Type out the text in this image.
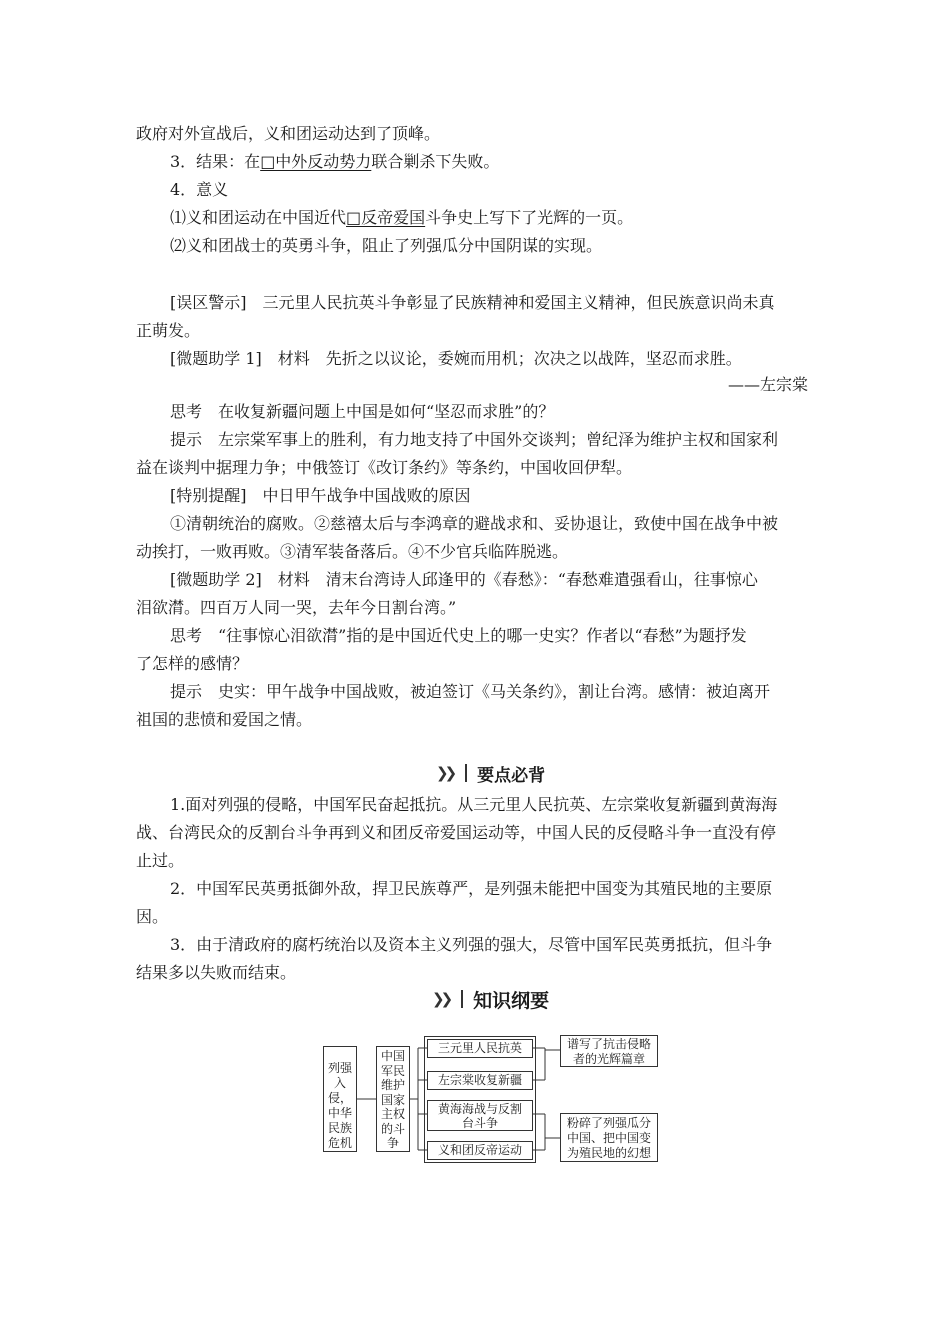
政府对外宣战后，义和团运动达到了顶峰。
3．结果：在□中外反动势力联合剿杀下失败。
4．意义
⑴义和团运动在中国近代□反帝爱国斗争史上写下了光辉的一页。
⑵义和团战士的英勇斗争，阻止了列强瓜分中国阴谋的实现。
[误区警示]　三元里人民抗英斗争彰显了民族精神和爱国主义精神，但民族意识尚未真
正萌发。
[微题助学 1]　材料　先折之以议论，委婉而用机；次决之以战阵，坚忍而求胜。
——左宗棠
思考　在收复新疆问题上中国是如何“坚忍而求胜”的？
提示　左宗棠军事上的胜利，有力地支持了中国外交谈判；曾纪泽为维护主权和国家利
益在谈判中据理力争；中俄签订《改订条约》等条约，中国收回伊犁。
[特别提醒]　中日甲午战争中国战败的原因
①清朝统治的腐败。②慈禧太后与李鸿章的避战求和、妥协退让，致使中国在战争中被
动挨打，一败再败。③清军装备落后。④不少官兵临阵脱逃。
[微题助学 2]　材料　清末台湾诗人邱逢甲的《春愁》：“春愁难遣强看山，往事惊心
泪欲潸。四百万人同一哭，去年今日割台湾。”
思考　“往事惊心泪欲潸”指的是中国近代史上的哪一史实？作者以“春愁”为题抒发
了怎样的感情？
提示　史实：甲午战争中国战败，被迫签订《马关条约》，割让台湾。感情：被迫离开
祖国的悲愤和爱国之情。
❯❯ 要点必背
1.面对列强的侵略，中国军民奋起抵抗。从三元里人民抗英、左宗棠收复新疆到黄海海
战、台湾民众的反割台斗争再到义和团反帝爱国运动等，中国人民的反侵略斗争一直没有停
止过。
2．中国军民英勇抵御外敌，捍卫民族尊严，是列强未能把中国变为其殖民地的主要原
因。
3．由于清政府的腐朽统治以及资本主义列强的强大，尽管中国军民英勇抵抗，但斗争
结果多以失败而结束。
❯❯ 知识纲要
列强
入侵，
中华
民族
危机
中国
军民
维护
国家
主权
的斗
争
三元里人民抗英
左宗棠收复新疆
黄海海战与反割
台斗争
义和团反帝运动
谱写了抗击侵略
者的光辉篇章
粉碎了列强瓜分
中国、把中国变
为殖民地的幻想
